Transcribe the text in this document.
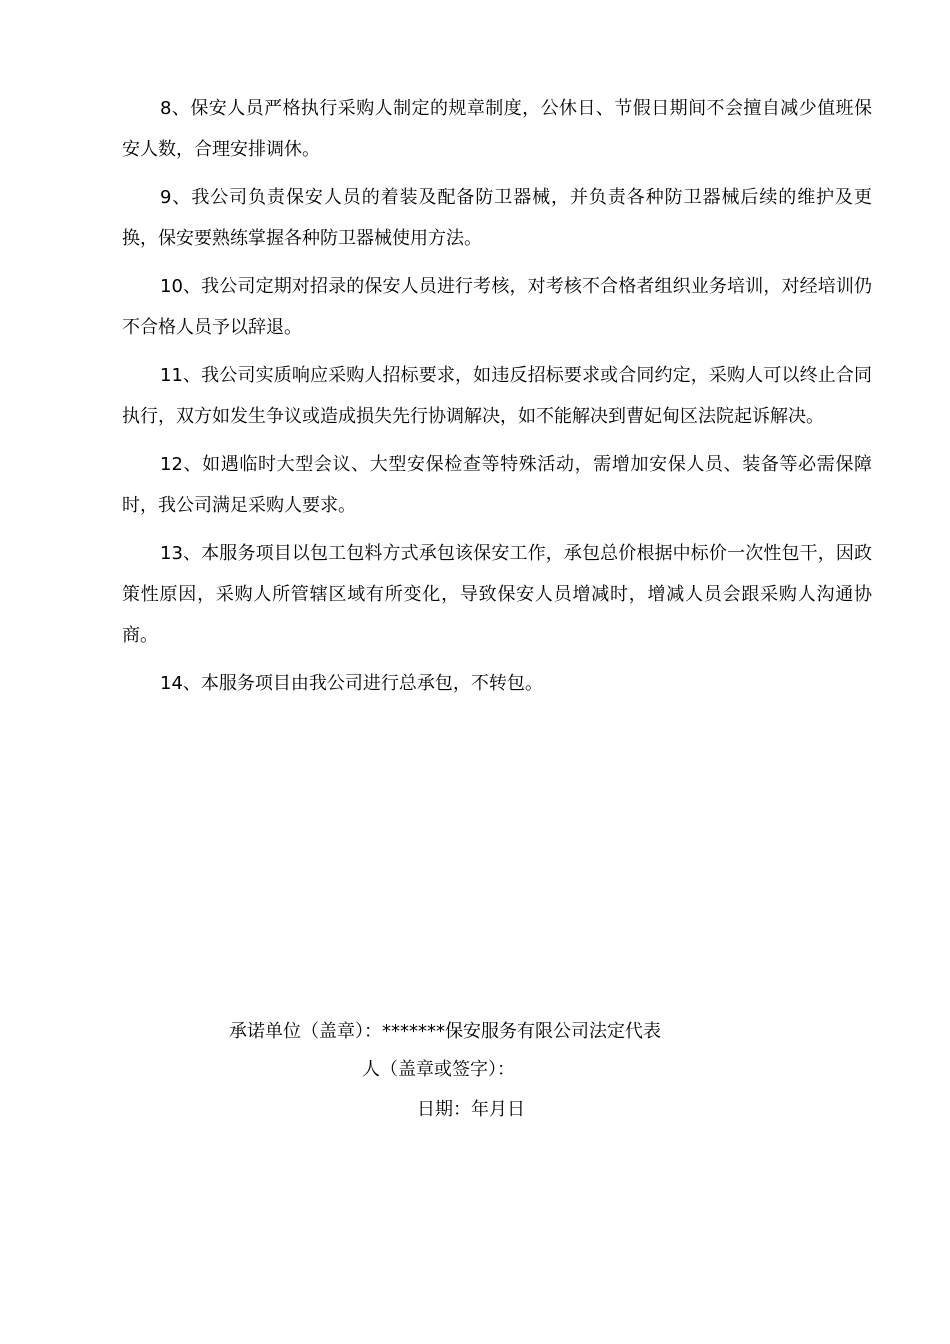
8、保安人员严格执行采购人制定的规章制度，公休日、节假日期间不会擅自减少值班保安人数，合理安排调休。

9、我公司负责保安人员的着装及配备防卫器械，并负责各种防卫器械后续的维护及更换，保安要熟练掌握各种防卫器械使用方法。

10、我公司定期对招录的保安人员进行考核，对考核不合格者组织业务培训，对经培训仍不合格人员予以辞退。

11、我公司实质响应采购人招标要求，如违反招标要求或合同约定，采购人可以终止合同执行，双方如发生争议或造成损失先行协调解决，如不能解决到曹妃甸区法院起诉解决。

12、如遇临时大型会议、大型安保检查等特殊活动，需增加安保人员、装备等必需保障时，我公司满足采购人要求。

13、本服务项目以包工包料方式承包该保安工作，承包总价根据中标价一次性包干，因政策性原因，采购人所管辖区域有所变化，导致保安人员增减时，增减人员会跟采购人沟通协商。

14、本服务项目由我公司进行总承包，不转包。

承诺单位（盖章）：*******保安服务有限公司法定代表
人（盖章或签字）：
日期：年月日
